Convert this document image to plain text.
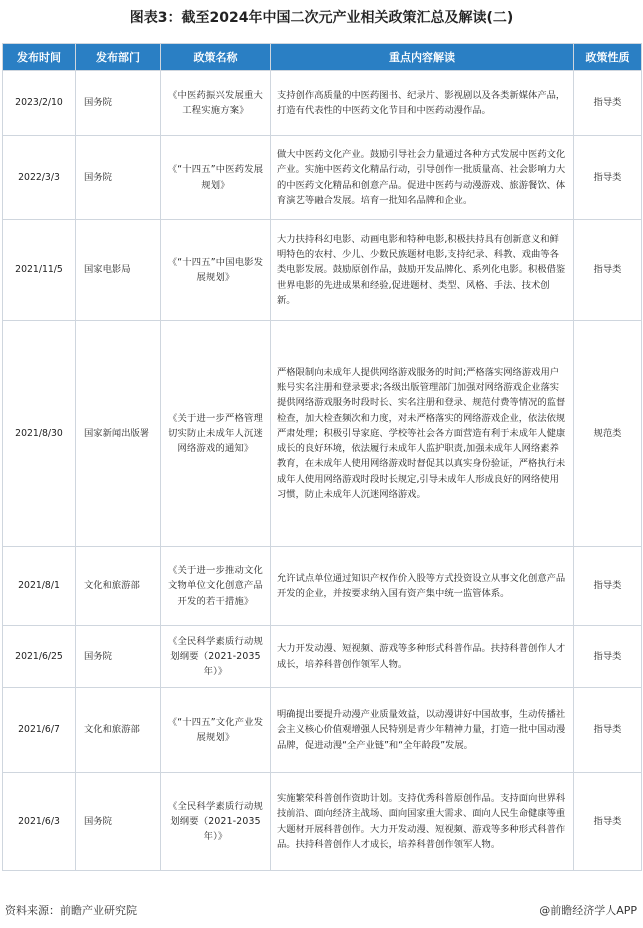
图表3：截至2024年中国二次元产业相关政策汇总及解读(二)
发布时间	发布部门	政策名称	重点内容解读	政策性质
2023/2/10	国务院	《中医药振兴发展重大工程实施方案》	支持创作高质量的中医药图书、纪录片、影视剧以及各类新媒体产品，打造有代表性的中医药文化节目和中医药动漫作品。	指导类
2022/3/3	国务院	《“十四五”中医药发展规划》	做大中医药文化产业。鼓励引导社会力量通过各种方式发展中医药文化产业。实施中医药文化精品行动，引导创作一批质量高、社会影响力大的中医药文化精品和创意产品。促进中医药与动漫游戏、旅游餐饮、体育演艺等融合发展。培育一批知名品牌和企业。	指导类
2021/11/5	国家电影局	《“十四五”中国电影发展规划》	大力扶持科幻电影、动画电影和特种电影,积极扶持具有创新意义和鲜明特色的农村、少儿、少数民族题材电影,支持纪录、科教、戏曲等各类电影发展。鼓励原创作品，鼓励开发品牌化、系列化电影。积极借鉴世界电影的先进成果和经验,促进题材、类型、风格、手法、技术创新。	指导类
2021/8/30	国家新闻出版署	《关于进一步严格管理切实防止未成年人沉迷网络游戏的通知》	严格限制向未成年人提供网络游戏服务的时间;严格落实网络游戏用户账号实名注册和登录要求;各级出版管理部门加强对网络游戏企业落实提供网络游戏服务时段时长、实名注册和登录、规范付费等情况的监督检查，加大检查频次和力度，对未严格落实的网络游戏企业，依法依规严肃处理；积极引导家庭、学校等社会各方面营造有利于未成年人健康成长的良好环境，依法履行未成年人监护职责,加强未成年人网络素养教育，在未成年人使用网络游戏时督促其以真实身份验证，严格执行未成年人使用网络游戏时段时长规定,引导未成年人形成良好的网络使用习惯，防止未成年人沉迷网络游戏。	规范类
2021/8/1	文化和旅游部	《关于进一步推动文化文物单位文化创意产品开发的若干措施》	允许试点单位通过知识产权作价入股等方式投资设立从事文化创意产品开发的企业，并按要求纳入国有资产集中统一监管体系。	指导类
2021/6/25	国务院	《全民科学素质行动规划纲要（2021-2035年）》	大力开发动漫、短视频、游戏等多种形式科普作品。扶持科普创作人才成长，培养科普创作领军人物。	指导类
2021/6/7	文化和旅游部	《“十四五”文化产业发展规划》	明确提出要提升动漫产业质量效益，以动漫讲好中国故事，生动传播社会主义核心价值观增强人民特别是青少年精神力量，打造一批中国动漫品牌，促进动漫“全产业链”和“全年龄段”发展。	指导类
2021/6/3	国务院	《全民科学素质行动规划纲要（2021-2035年）》	实施繁荣科普创作资助计划。支持优秀科普原创作品。支持面向世界科技前沿、面向经济主战场、面向国家重大需求、面向人民生命健康等重大题材开展科普创作。大力开发动漫、短视频、游戏等多种形式科普作品。扶持科普创作人才成长，培养科普创作领军人物。	指导类
资料来源：前瞻产业研究院	@前瞻经济学人APP
